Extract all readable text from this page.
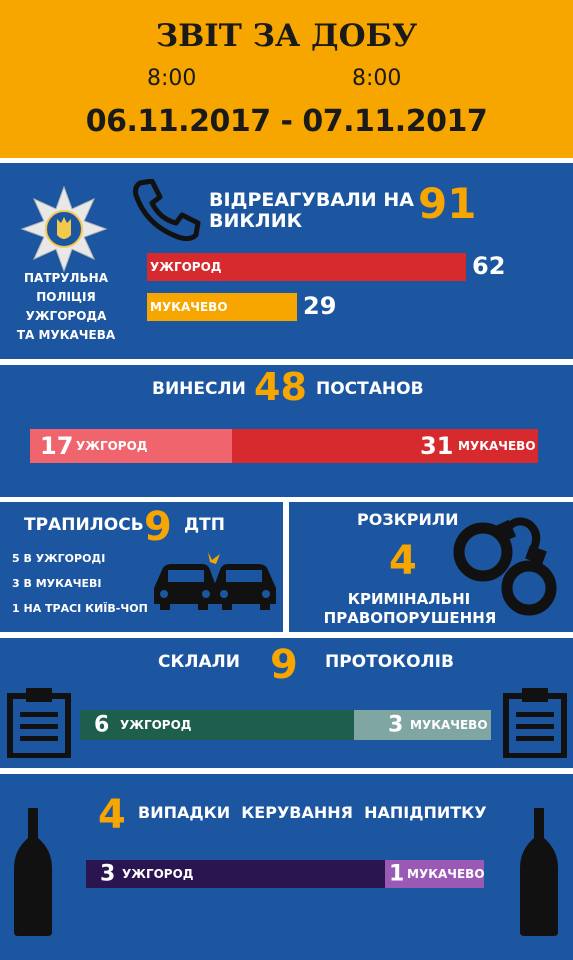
ЗВІТ ЗА ДОБУ
8:00	8:00
06.11.2017 - 07.11.2017
ПАТРУЛЬНА
ПОЛІЦІЯ
УЖГОРОДА
ТА МУКАЧЕВА
ВІДРЕАГУВАЛИ НА
ВИКЛИК	91
УЖГОРОД	62
МУКАЧЕВО	29
ВИНЕСЛИ 48 ПОСТАНОВ
17 УЖГОРОД	31 МУКАЧЕВО
ТРАПИЛОСЬ 9 ДТП
5 В УЖГОРОДІ
3 В МУКАЧЕВІ
1 НА ТРАСІ КИЇВ-ЧОП
РОЗКРИЛИ
4
КРИМІНАЛЬНІ
ПРАВОПОРУШЕННЯ
СКЛАЛИ 9 ПРОТОКОЛІВ
6 УЖГОРОД	3 МУКАЧЕВО
4 ВИПАДКИ  КЕРУВАННЯ  НАПІДПИТКУ
3 УЖГОРОД	1 МУКАЧЕВО
